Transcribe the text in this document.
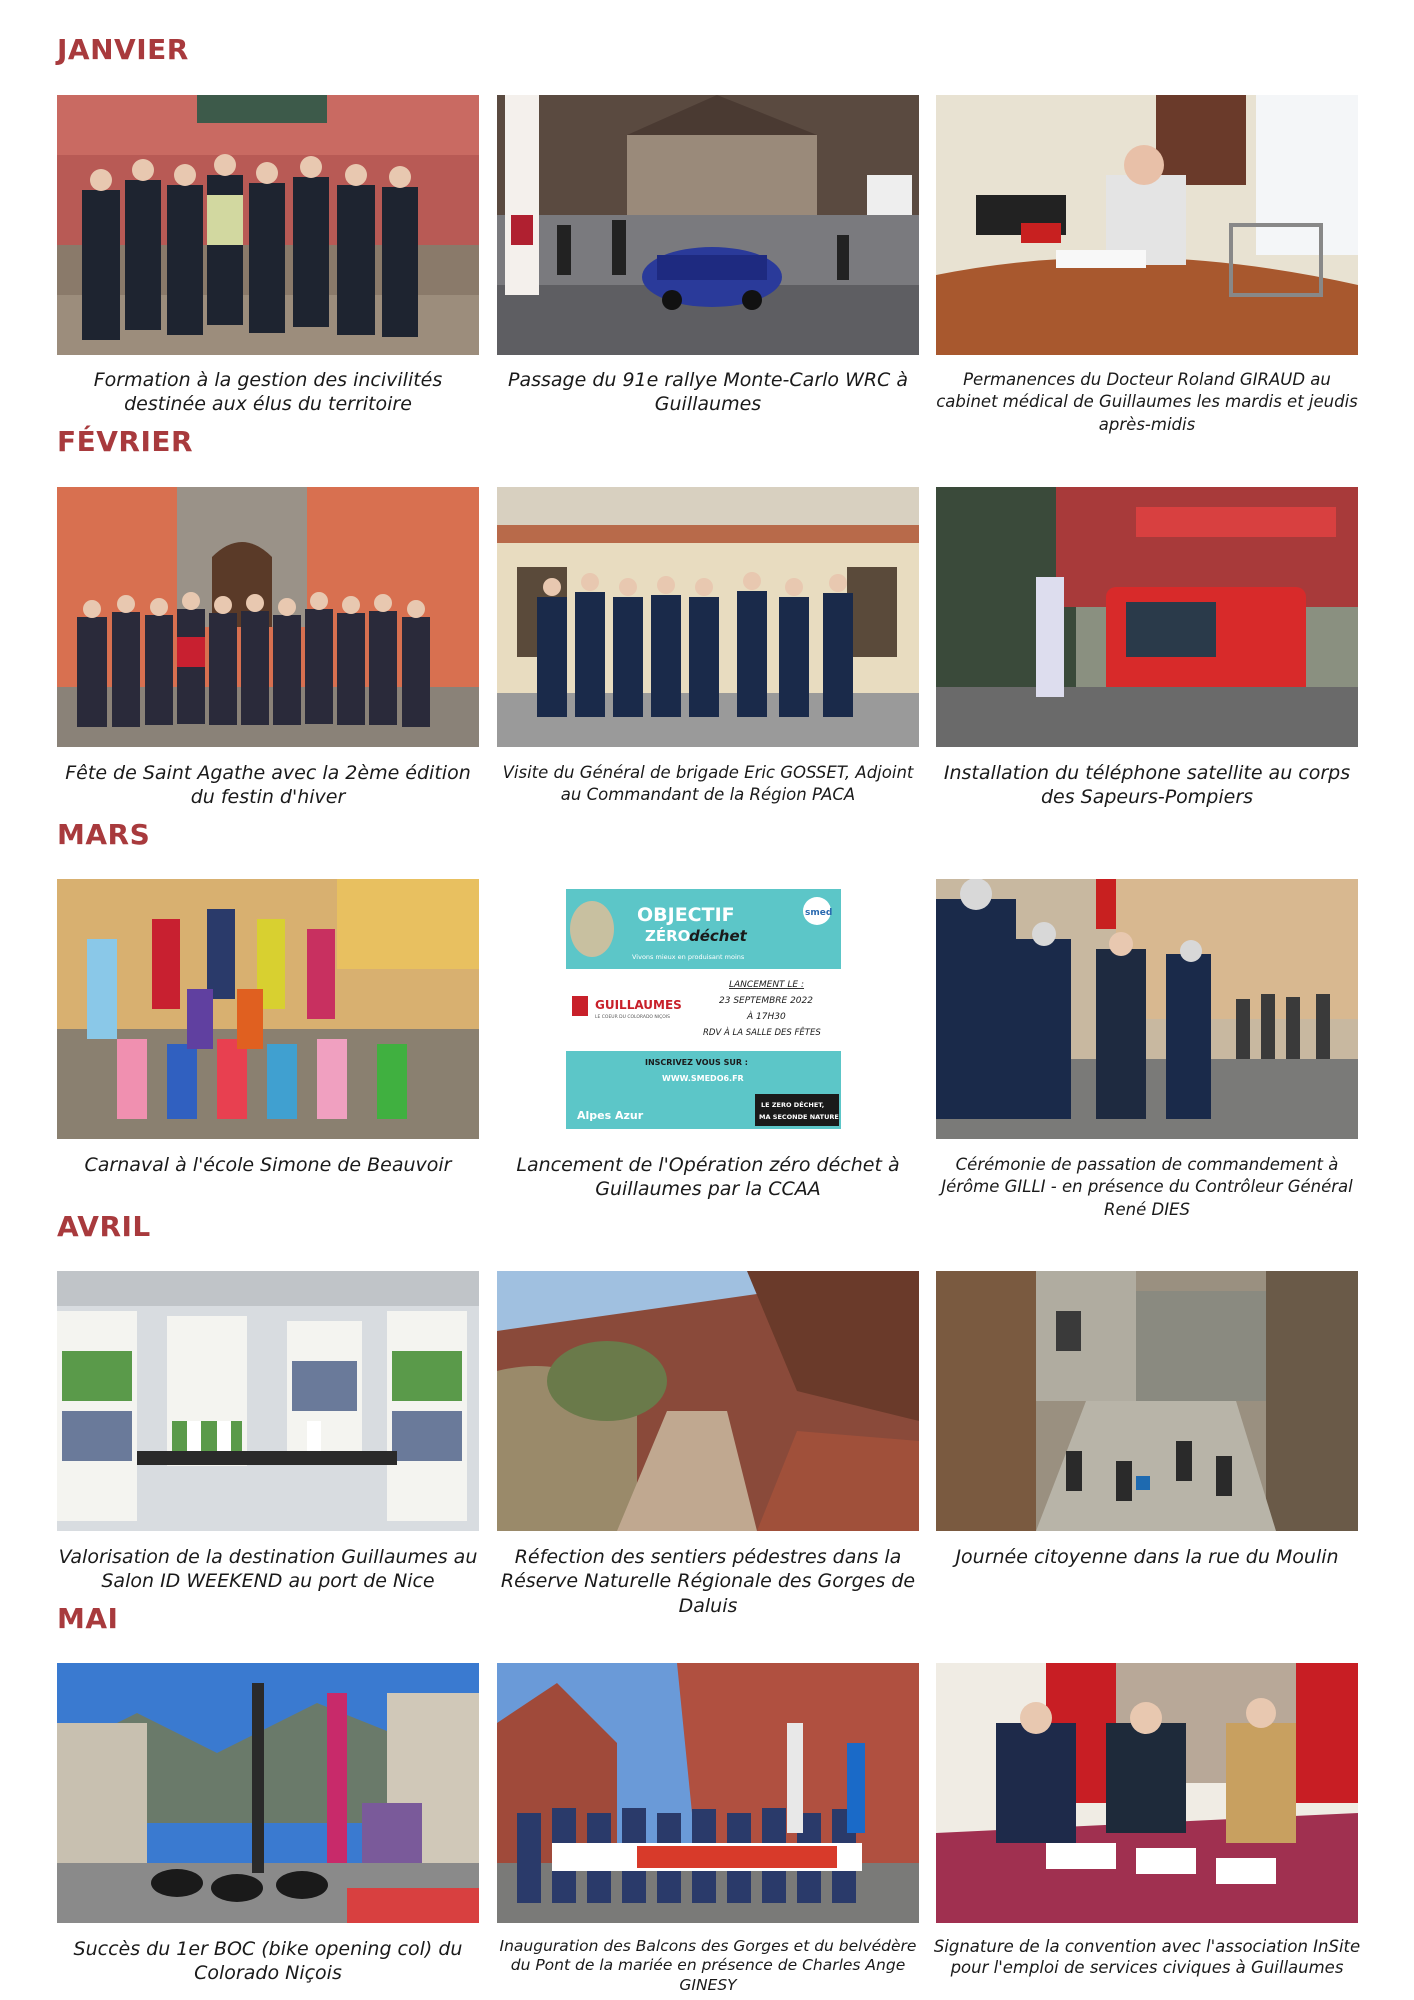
JANVIER
Formation à la gestion des incivilités destinée aux élus du territoire
Passage du 91e rallye Monte-Carlo WRC à Guillaumes
Permanences du Docteur Roland GIRAUD au cabinet médical de Guillaumes les mardis et jeudis après-midis
FÉVRIER
Fête de Saint Agathe avec la 2ème édition du festin d'hiver
Visite du Général de brigade Eric GOSSET, Adjoint au Commandant de la Région PACA
Installation du téléphone satellite au corps des Sapeurs-Pompiers
MARS
OBJECTIF
ZÉRO
déchet
smed
Vivons mieux en produisant moins
GUILLAUMES
LE COEUR DU COLORADO NIÇOIS
LANCEMENT LE :
23 SEPTEMBRE 2022
À 17H30
RDV À LA SALLE DES FÊTES
INSCRIVEZ VOUS SUR :
WWW.SMEDO6.FR
Alpes Azur
LE ZERO DÉCHET,
MA SECONDE NATURE
Carnaval à l'école Simone de Beauvoir	Lancement de l'Opération zéro déchet à Guillaumes par la CCAA
Cérémonie de passation de commandement à Jérôme GILLI - en présence du Contrôleur Général René DIES
AVRIL
Valorisation de la destination Guillaumes au Salon ID WEEKEND au port de Nice
Réfection des sentiers pédestres dans la Réserve Naturelle Régionale des Gorges de Daluis
Journée citoyenne dans la rue du Moulin
MAI
Succès du 1er BOC (bike opening col) du Colorado Niçois
Inauguration des Balcons des Gorges et du belvédère du Pont de la mariée en présence de Charles Ange GINESY
Signature de la convention avec l'association InSite pour l'emploi de services civiques à Guillaumes
